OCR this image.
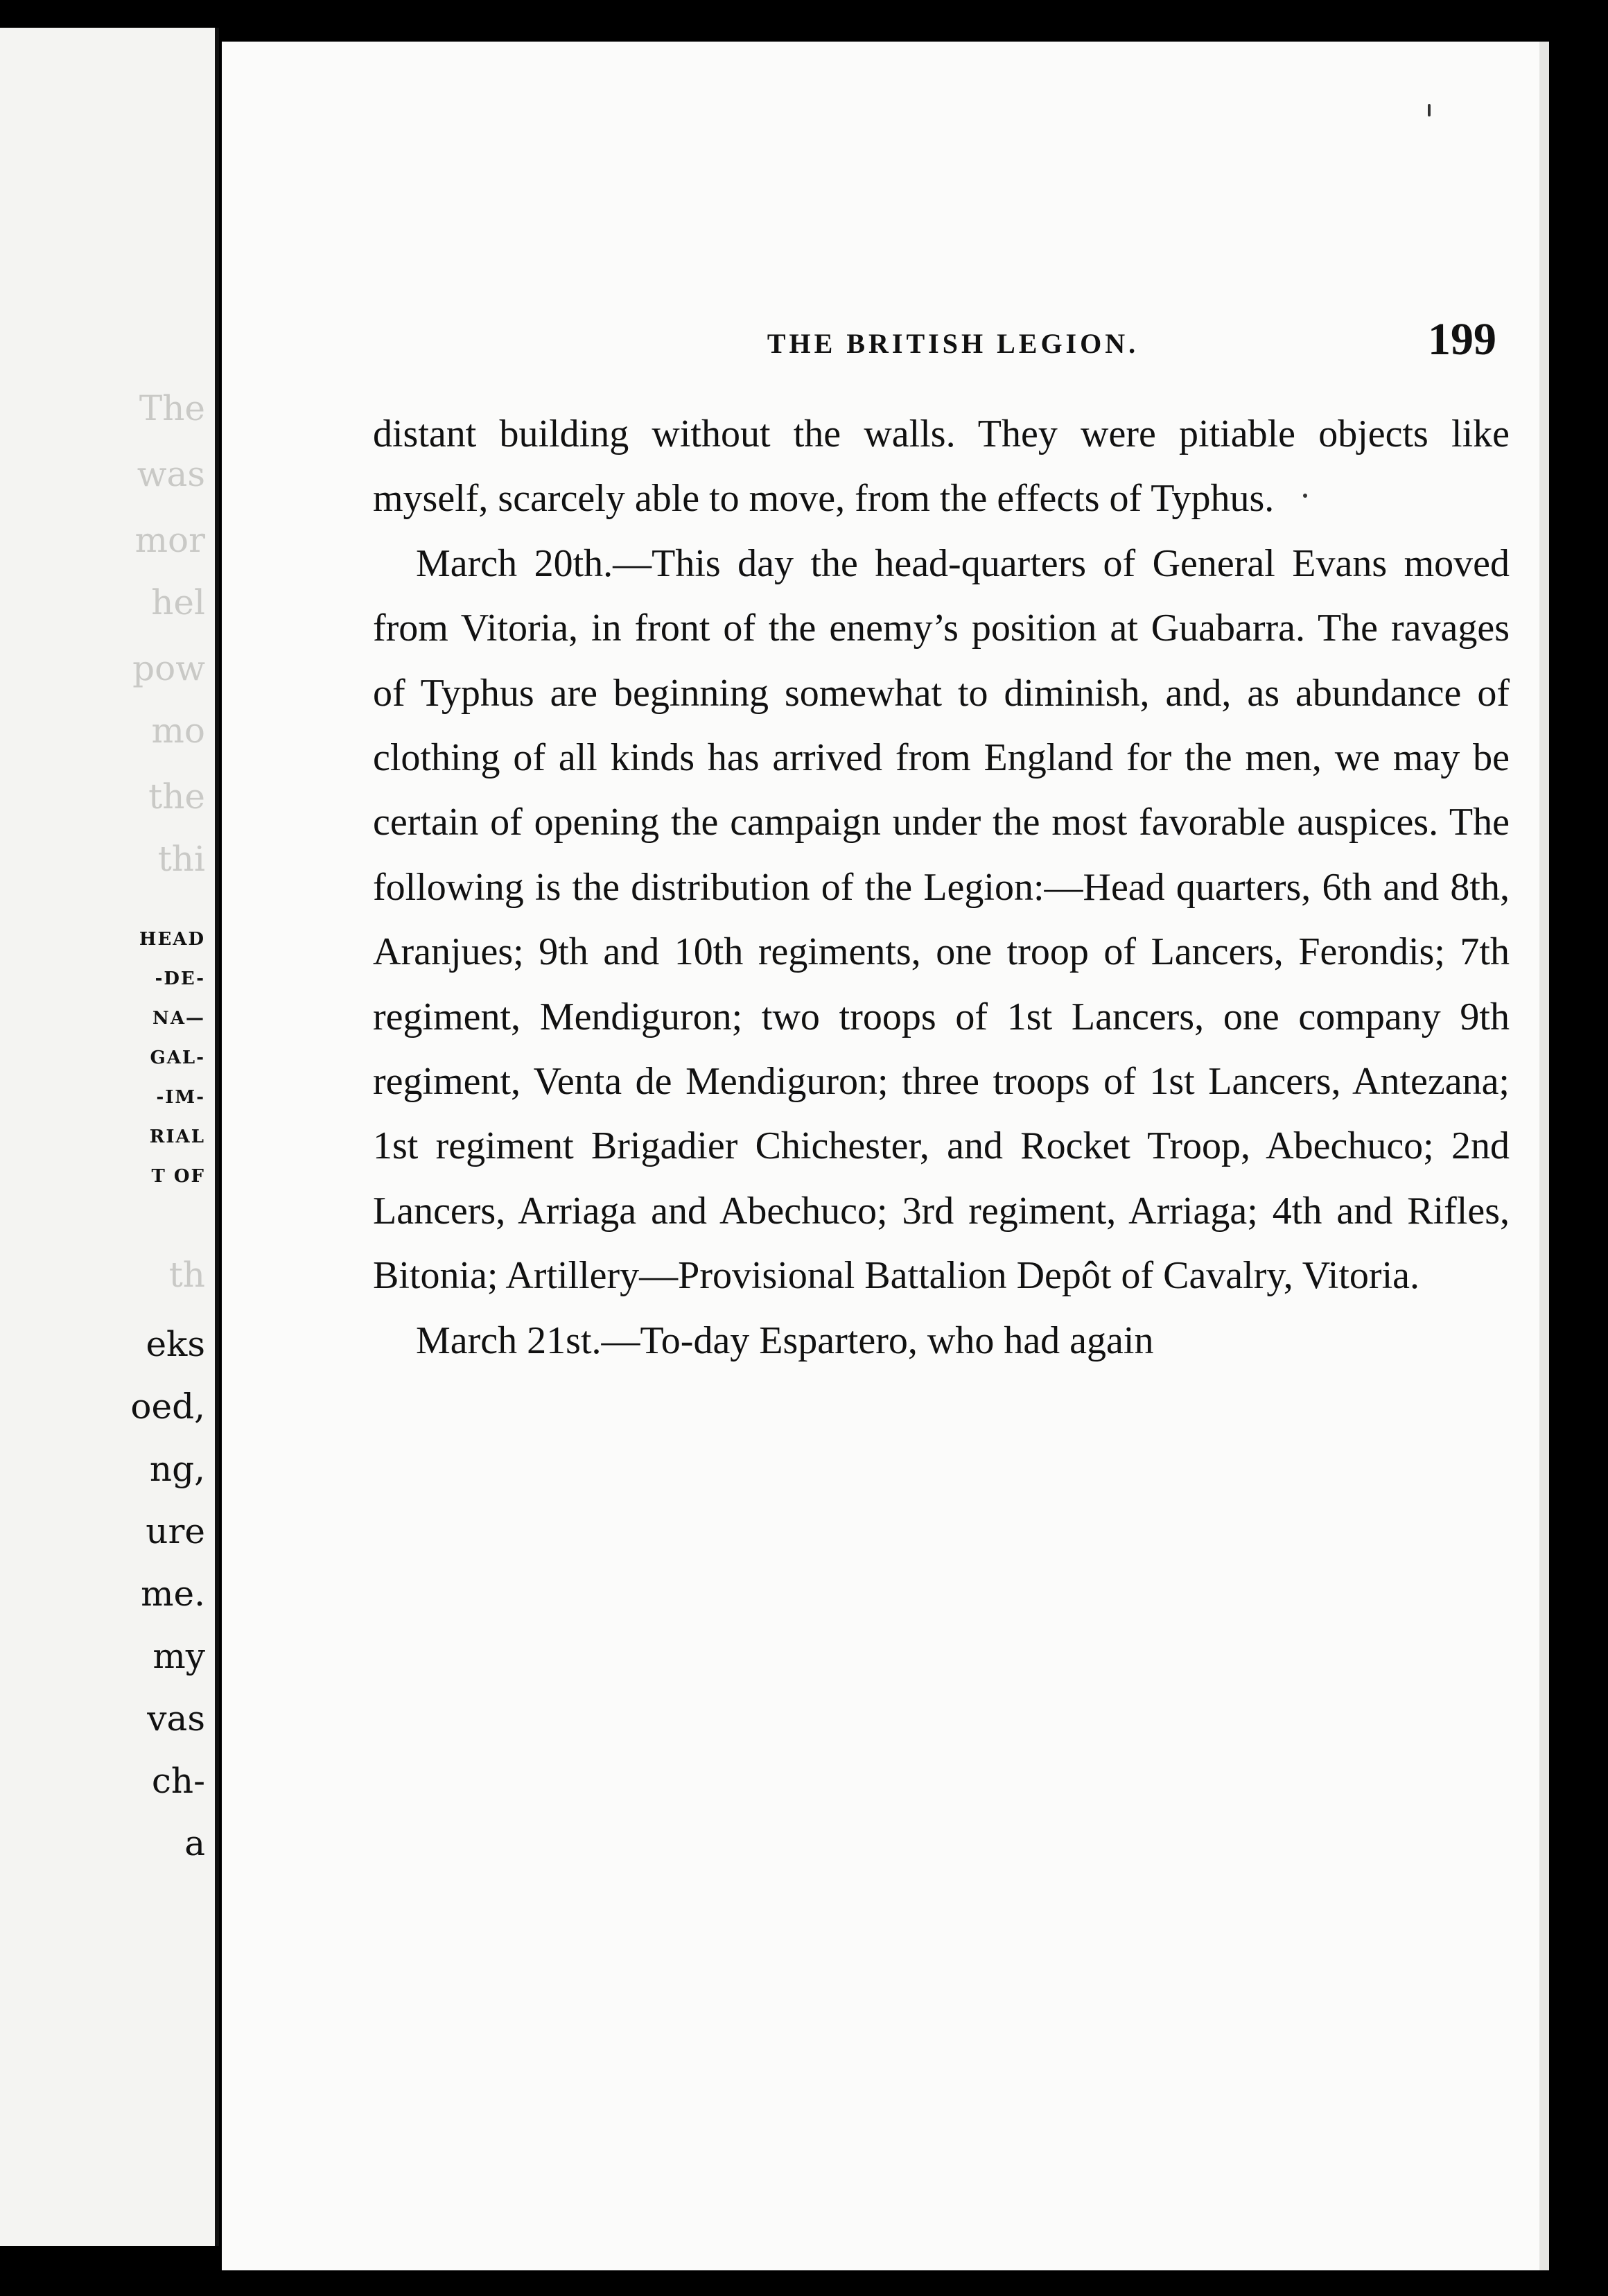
The
was
mor
hel
pow
mo
the
thi
HEAD
-DE-
NA—
GAL-
-IM-
RIAL
T OF
th
eks
oed,
ng,
ure
me.
my
vas
ch-
a
THE BRITISH LEGION.	199

distant building without the walls. They were pitiable objects like myself, scarcely able to move, from the effects of Typhus.

March 20th.—This day the head-quarters of General Evans moved from Vitoria, in front of the enemy’s position at Guabarra. The ravages of Typhus are beginning somewhat to diminish, and, as abundance of clothing of all kinds has arrived from England for the men, we may be certain of opening the campaign under the most favorable auspices. The following is the distribution of the Legion:—Head quarters, 6th and 8th, Aranjues; 9th and 10th regiments, one troop of Lancers, Ferondis; 7th regiment, Mendiguron; two troops of 1st Lancers, one company 9th regiment, Venta de Mendiguron; three troops of 1st Lancers, Antezana; 1st regiment Brigadier Chichester, and Rocket Troop, Abechuco; 2nd Lancers, Arriaga and Abechuco; 3rd regiment, Arriaga; 4th and Rifles, Bitonia; Artillery—Provisional Battalion Depôt of Cavalry, Vitoria.

March 21st.—To-day Espartero, who had again
